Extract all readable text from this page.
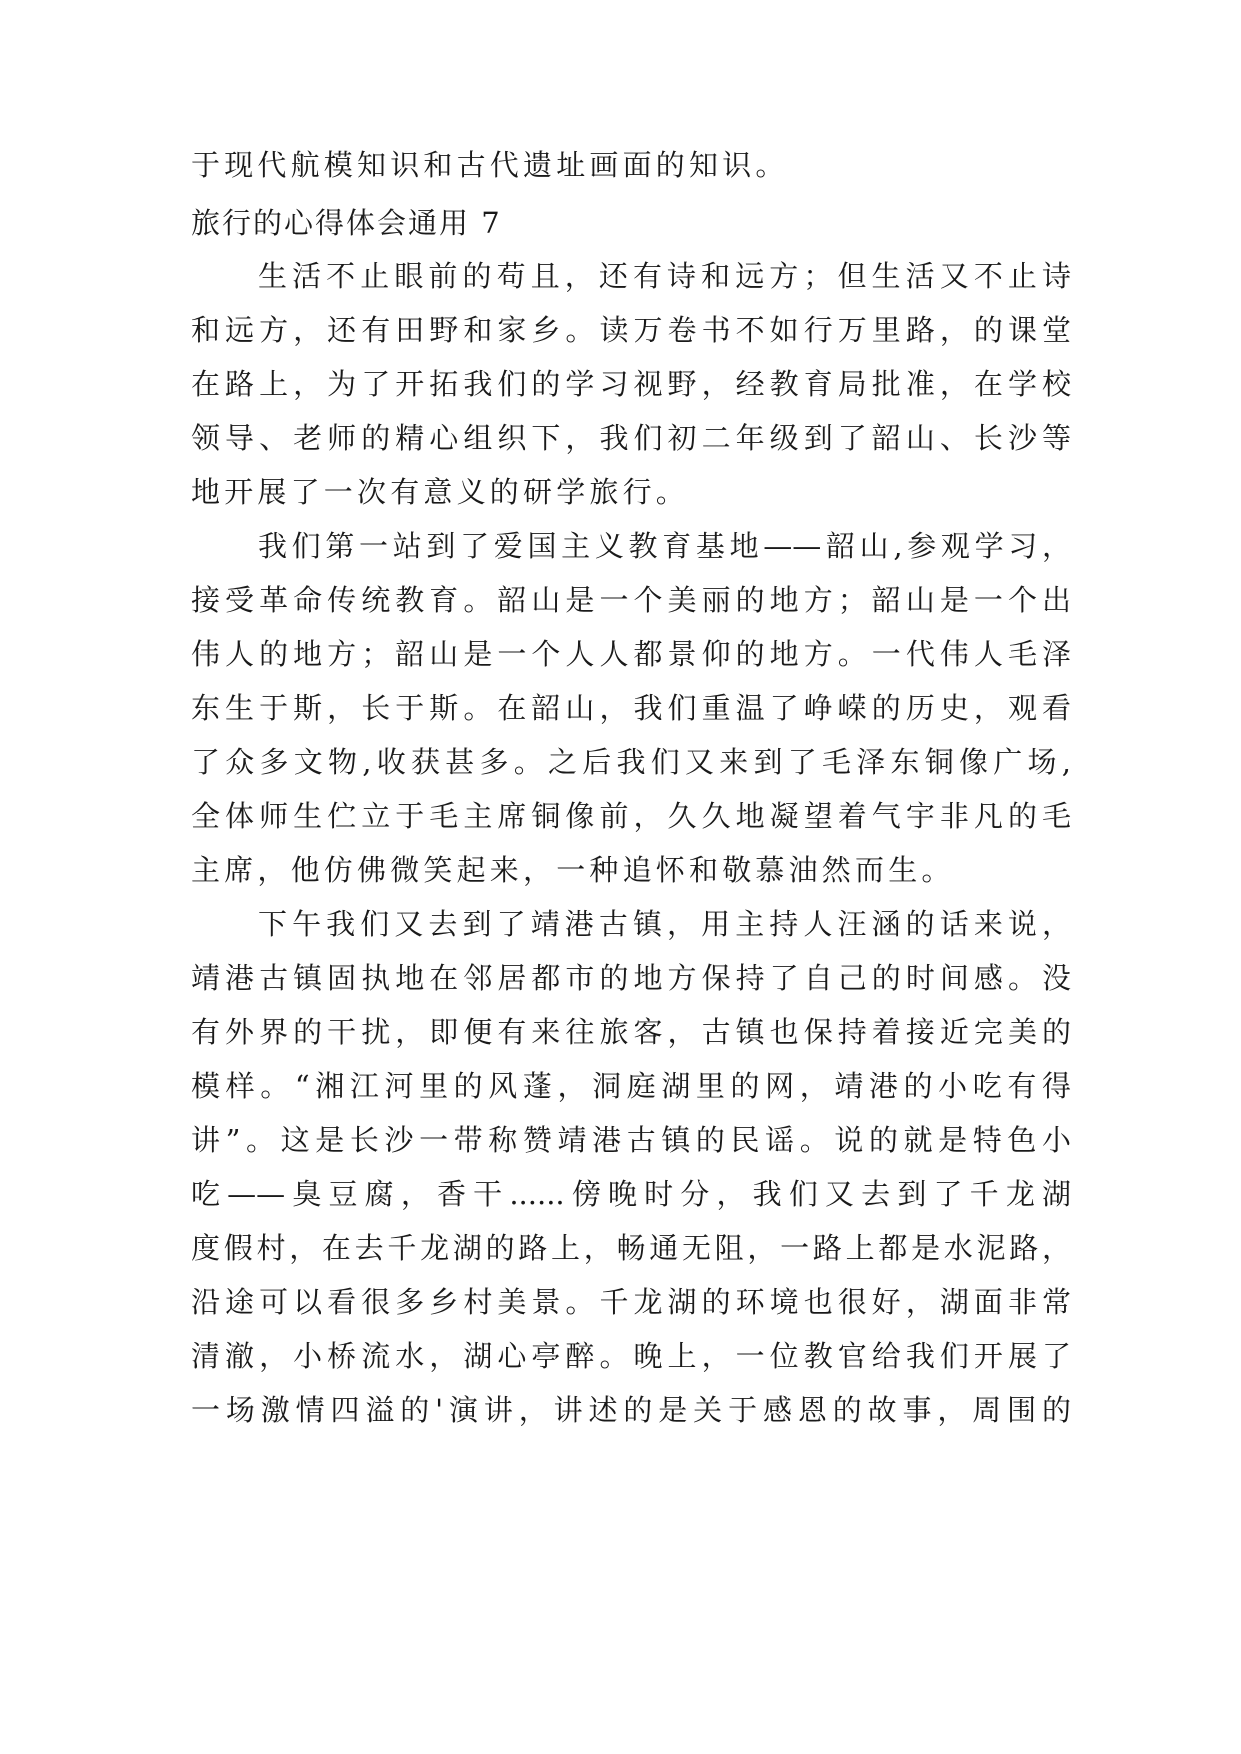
于现代航模知识和古代遗址画面的知识。
旅行的心得体会通用 7
生活不止眼前的苟且，还有诗和远方；但生活又不止诗
和远方，还有田野和家乡。读万卷书不如行万里路，的课堂
在路上，为了开拓我们的学习视野，经教育局批准，在学校
领导、老师的精心组织下，我们初二年级到了韶山、长沙等
地开展了一次有意义的研学旅行。
我们第一站到了爱国主义教育基地——韶山,参观学习，
接受革命传统教育。韶山是一个美丽的地方；韶山是一个出
伟人的地方；韶山是一个人人都景仰的地方。一代伟人毛泽
东生于斯，长于斯。在韶山，我们重温了峥嵘的历史，观看
了众多文物,收获甚多。之后我们又来到了毛泽东铜像广场,
全体师生伫立于毛主席铜像前，久久地凝望着气宇非凡的毛
主席，他仿佛微笑起来，一种追怀和敬慕油然而生。
下午我们又去到了靖港古镇，用主持人汪涵的话来说，
靖港古镇固执地在邻居都市的地方保持了自己的时间感。没
有外界的干扰，即便有来往旅客，古镇也保持着接近完美的
模样。“湘江河里的风蓬，洞庭湖里的网，靖港的小吃有得
讲”。这是长沙一带称赞靖港古镇的民谣。说的就是特色小
吃——臭豆腐，香干......傍晚时分，我们又去到了千龙湖
度假村，在去千龙湖的路上，畅通无阻，一路上都是水泥路，
沿途可以看很多乡村美景。千龙湖的环境也很好，湖面非常
清澈，小桥流水，湖心亭醉。晚上，一位教官给我们开展了
一场激情四溢的'演讲，讲述的是关于感恩的故事，周围的
